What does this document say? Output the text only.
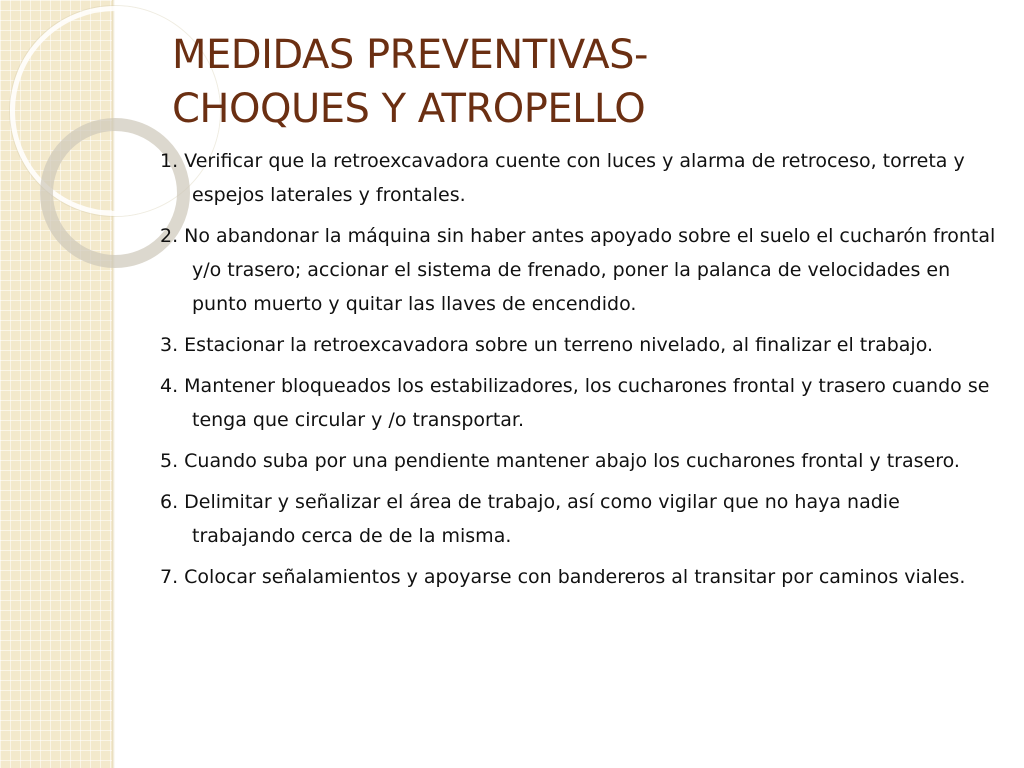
MEDIDAS PREVENTIVAS-
CHOQUES Y ATROPELLO
1. Verificar que la retroexcavadora cuente con luces y alarma de retroceso, torreta y espejos laterales y frontales.
2. No abandonar la máquina sin haber antes apoyado sobre el suelo el cucharón frontal y/o trasero; accionar el sistema de frenado, poner la palanca de velocidades en punto muerto y quitar las llaves de encendido.
3. Estacionar la retroexcavadora sobre un terreno nivelado, al finalizar el trabajo.
4. Mantener bloqueados los estabilizadores, los cucharones frontal y trasero cuando se tenga que circular y /o transportar.
5. Cuando suba por una pendiente mantener abajo los cucharones frontal y trasero.
6. Delimitar y señalizar el área de trabajo, así como vigilar que no haya nadie trabajando cerca de de la misma.
7. Colocar señalamientos y apoyarse con bandereros al transitar por caminos viales.
